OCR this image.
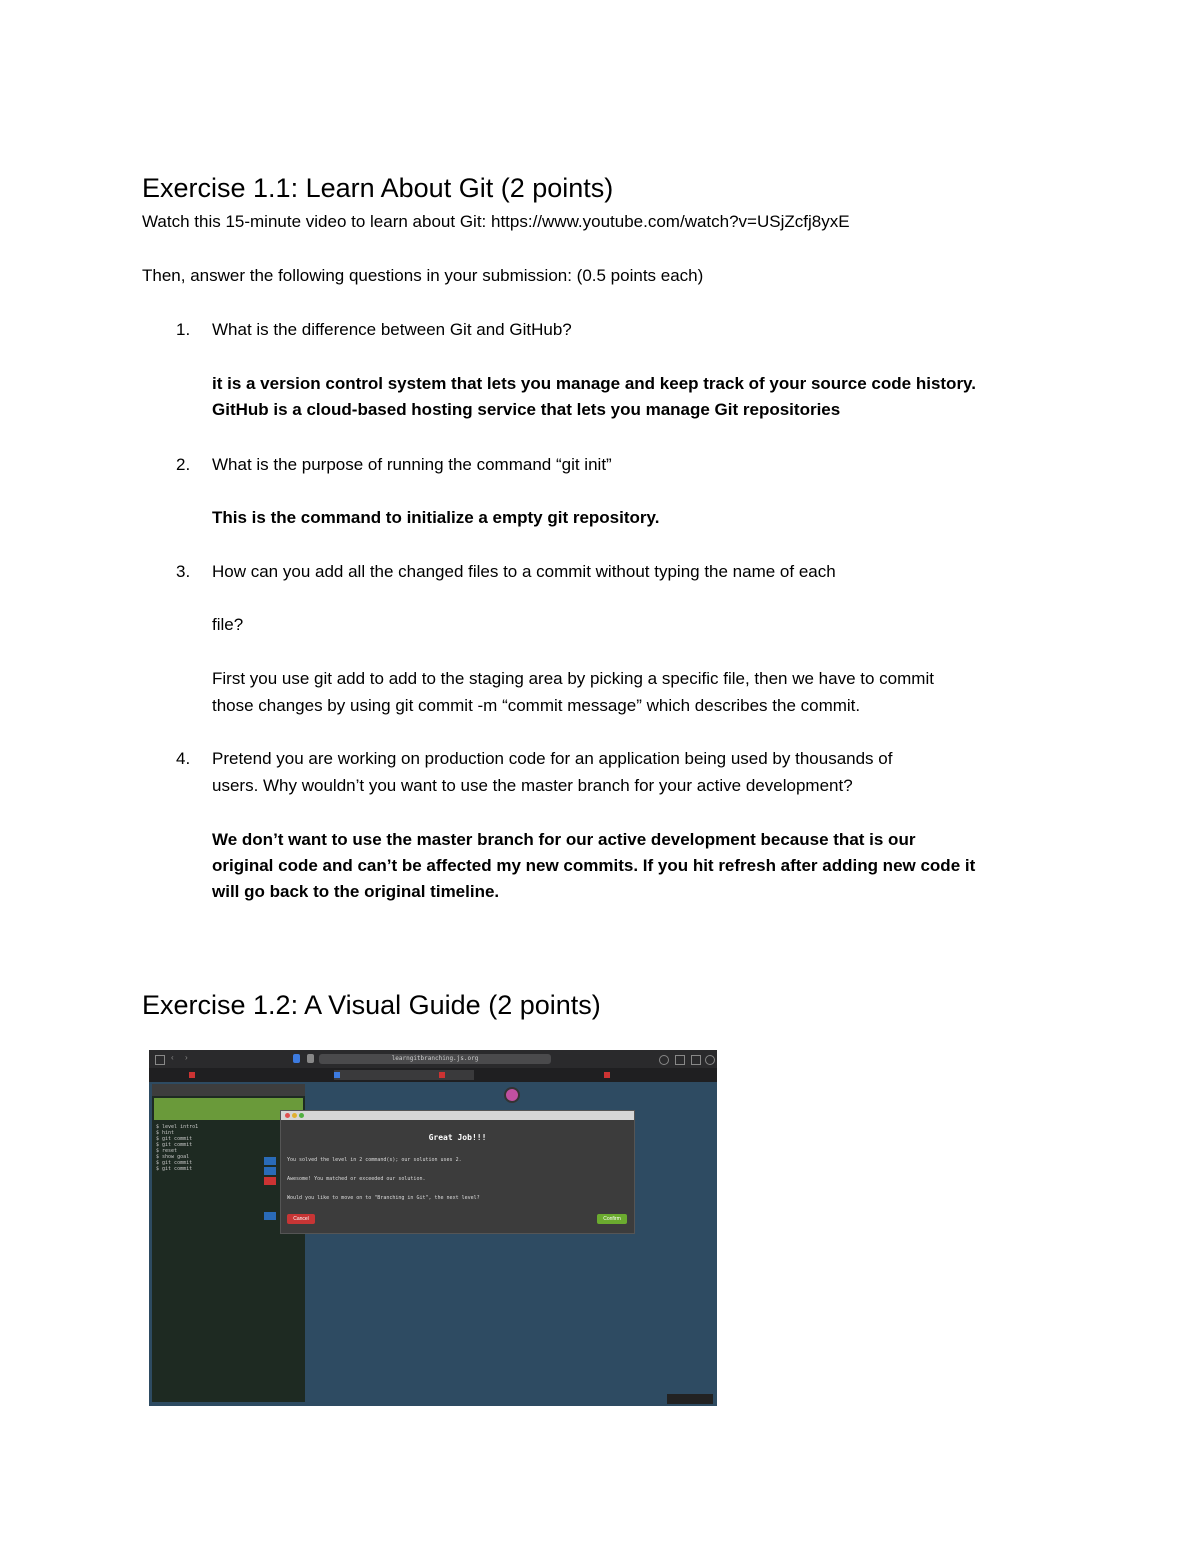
Exercise 1.1: Learn About Git (2 points)
Watch this 15-minute video to learn about Git: https://www.youtube.com/watch?v=USjZcfj8yxE
Then, answer the following questions in your submission: (0.5 points each)
1. What is the difference between Git and GitHub?
it is a version control system that lets you manage and keep track of your source code history.
GitHub is a cloud-based hosting service that lets you manage Git repositories
2. What is the purpose of running the command “git init”
This is the command to initialize a empty git repository.
3. How can you add all the changed files to a commit without typing the name of each
file?
First you use git add to add to the staging area by picking a specific file, then we have to commit
those changes by using git commit -m “commit message” which describes the commit.
4. Pretend you are working on production code for an application being used by thousands of
users. Why wouldn’t you want to use the master branch for your active development?
We don’t want to use the master branch for our active development because that is our
original code and can’t be affected my new commits. If you hit refresh after adding new code it
will go back to the original timeline.
Exercise 1.2: A Visual Guide (2 points)
‹ ›	learngitbranching.js.org
$ level intro1
$ hint
$ git commit
$ git commit
$ reset
$ show goal
$ git commit
$ git commit
Great Job!!!
You solved the level in 2 command(s); our solution uses 2.
Awesome! You matched or exceeded our solution.
Would you like to move on to "Branching in Git", the next level?
Cancel	Confirm
